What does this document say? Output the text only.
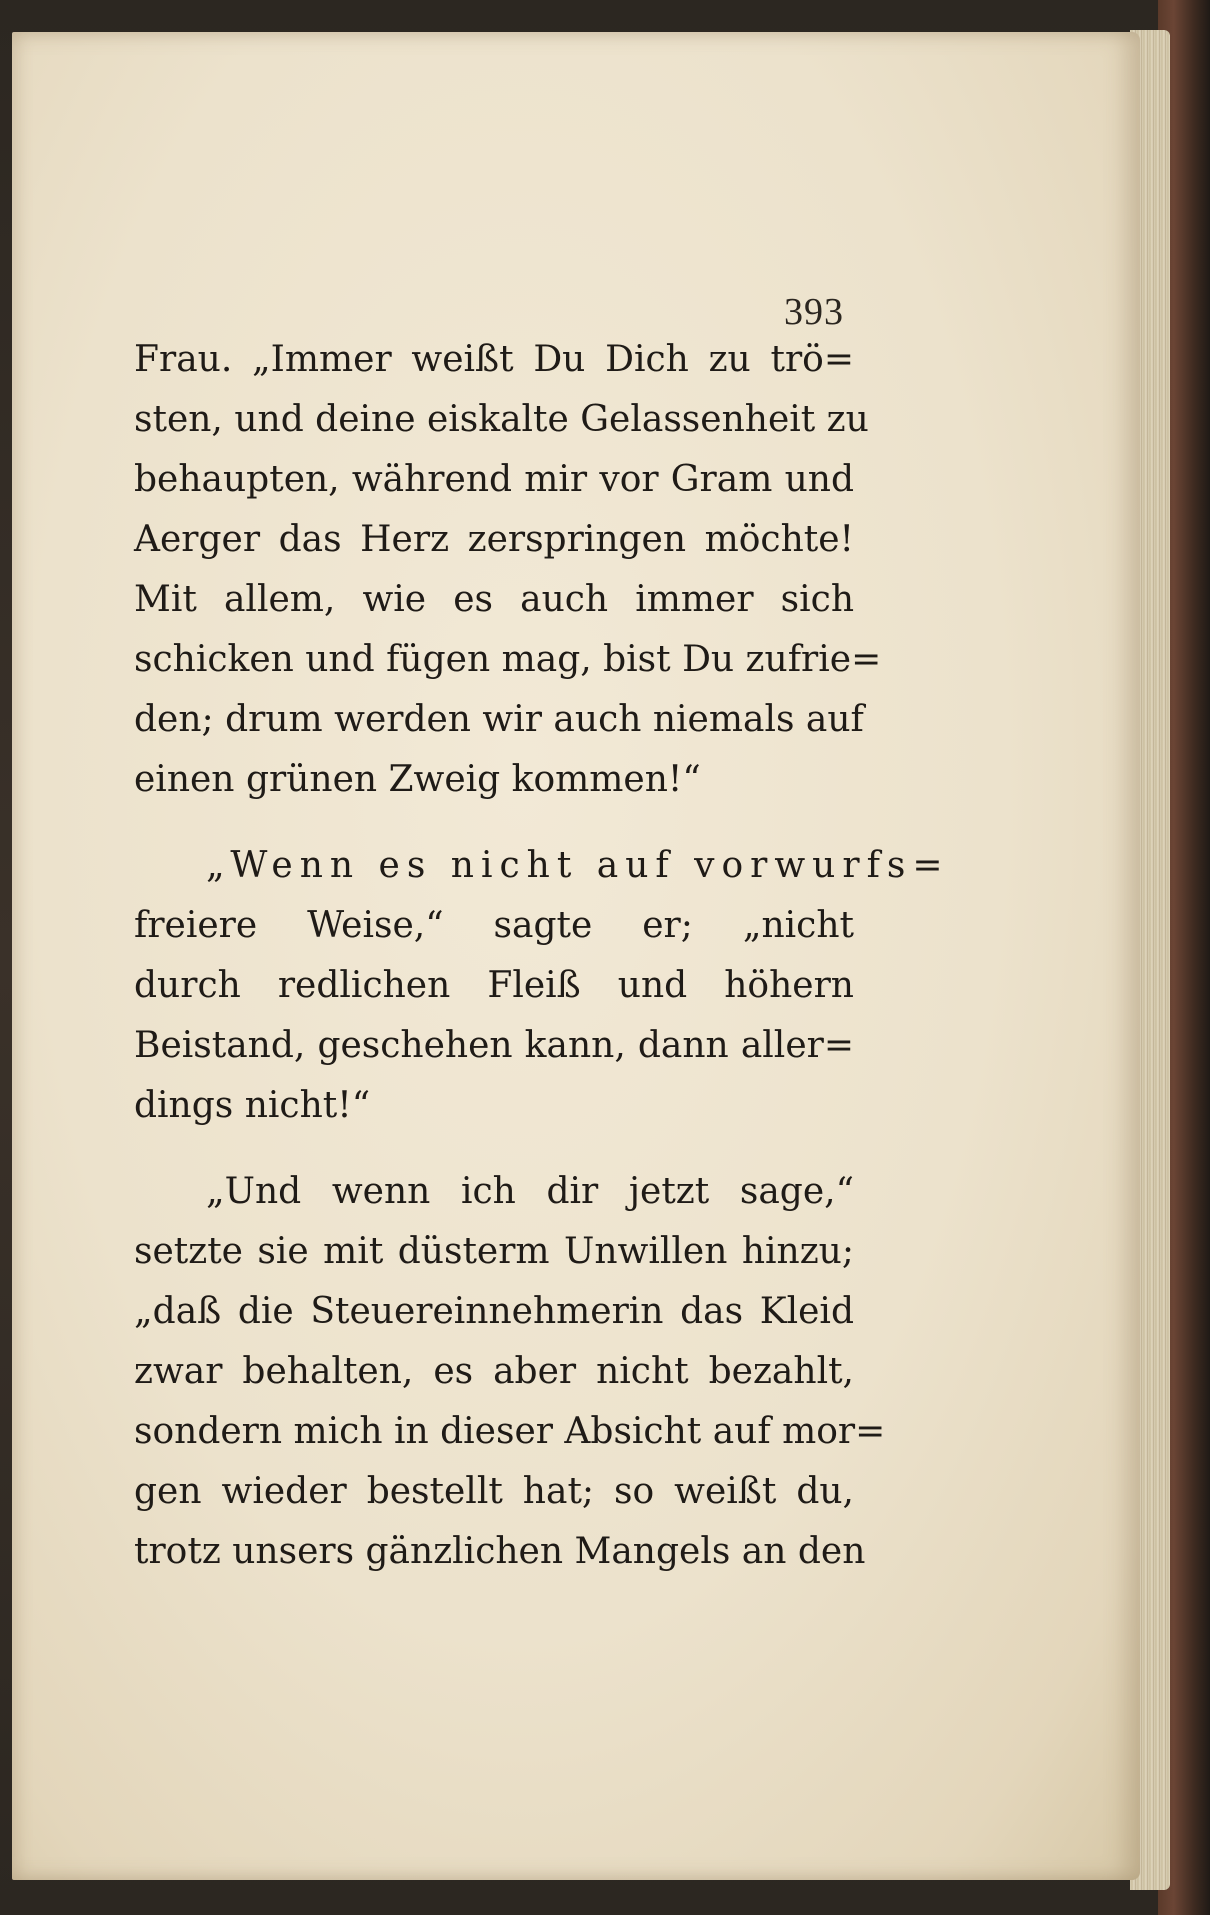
393
Frau. „Immer weißt Du Dich zu trö=
sten, und deine eiskalte Gelassenheit zu
behaupten, während mir vor Gram und
Aerger das Herz zerspringen möchte!
Mit allem, wie es auch immer sich
schicken und fügen mag, bist Du zufrie=
den; drum werden wir auch niemals auf
einen grünen Zweig kommen!“
„Wenn es nicht auf vorwurfs=
freiere Weise,“ sagte er; „nicht
durch redlichen Fleiß und höhern
Beistand, geschehen kann, dann aller=
dings nicht!“
„Und wenn ich dir jetzt sage,“
setzte sie mit düsterm Unwillen hinzu;
„daß die Steuereinnehmerin das Kleid
zwar behalten, es aber nicht bezahlt,
sondern mich in dieser Absicht auf mor=
gen wieder bestellt hat; so weißt du,
trotz unsers gänzlichen Mangels an den
